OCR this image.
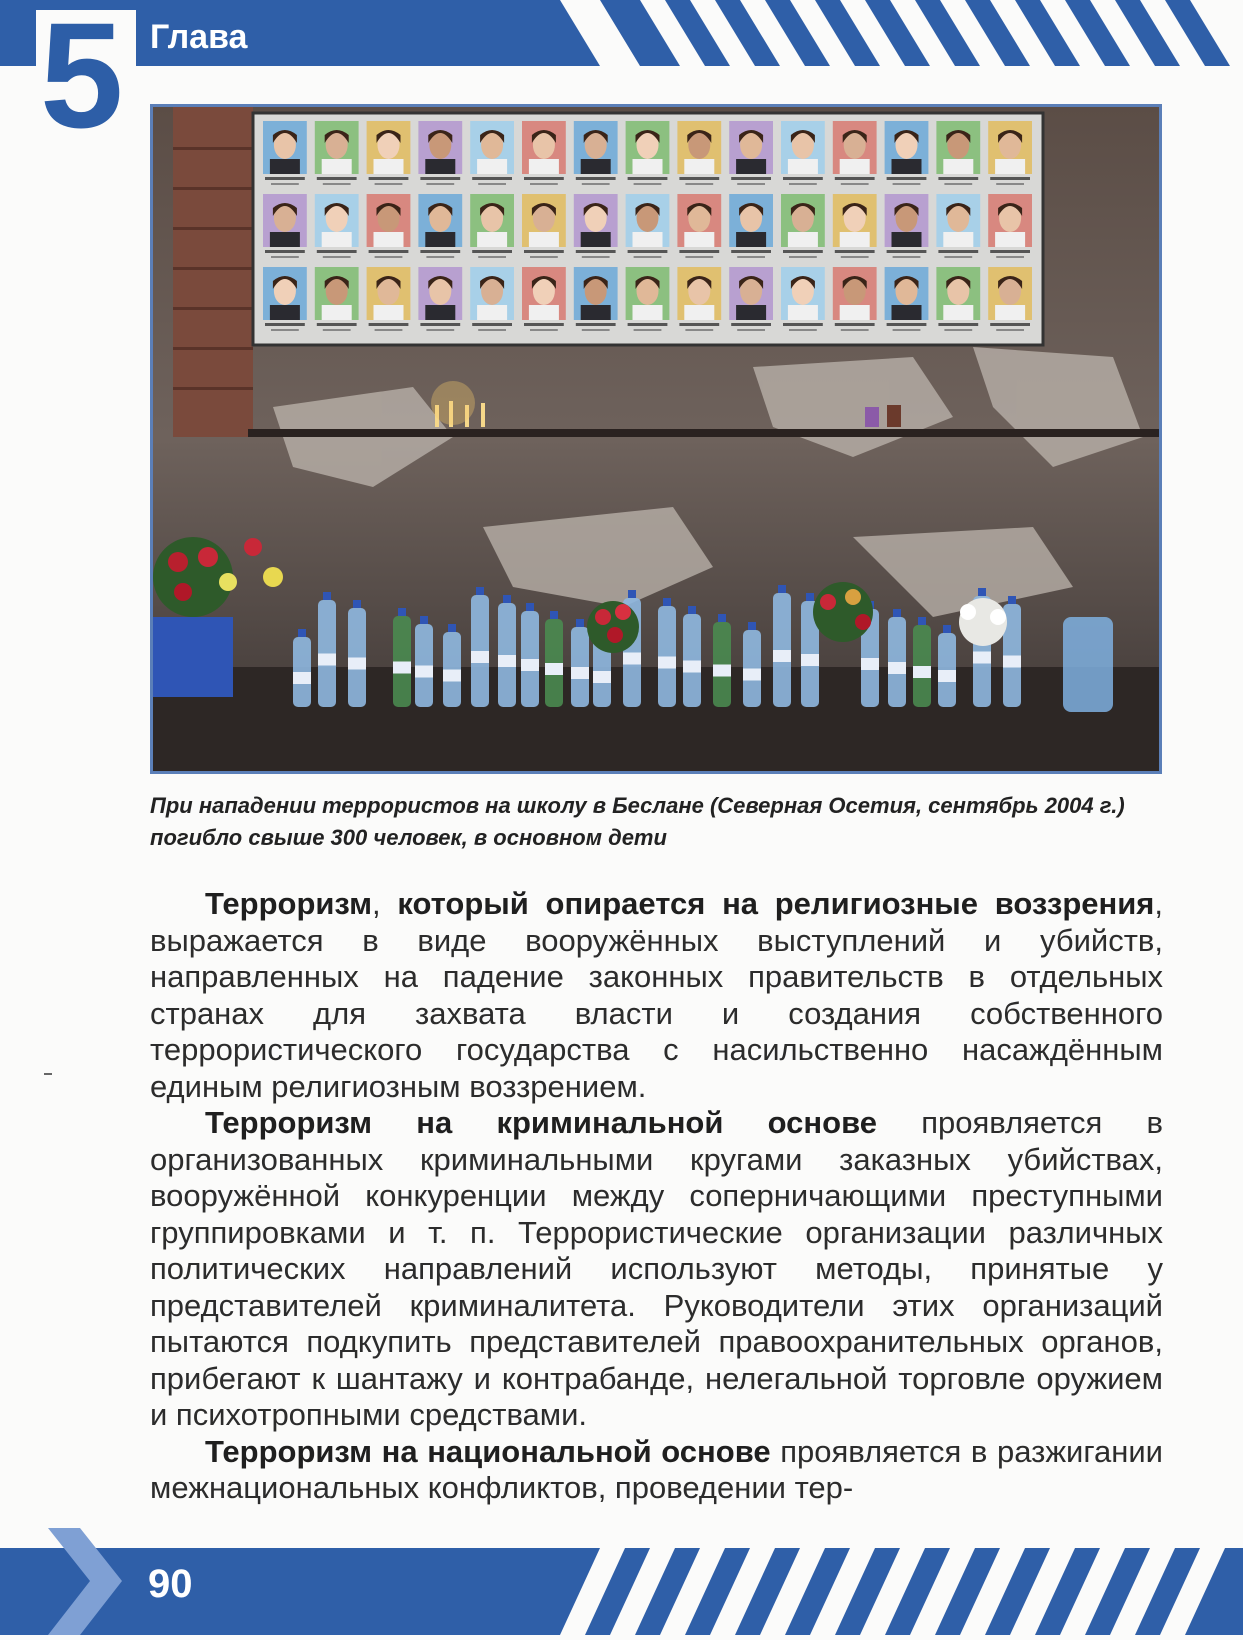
5 Глава
При нападении террористов на школу в Беслане (Северная Осетия, сентябрь 2004 г.) погибло свыше 300 человек, в основном дети

Терроризм, который опирается на религиозные воззрения, выражается в виде вооружённых выступлений и убийств, направленных на падение законных правительств в отдельных странах для захвата власти и создания собственного террористического государства с насильственно насаждённым единым религиозным воззрением.

Терроризм на криминальной основе проявляется в организованных криминальными кругами заказных убийствах, вооружённой конкуренции между соперничающими преступными группировками и т. п. Террористические организации различных политических направлений используют методы, принятые у представителей криминалитета. Руководители этих организаций пытаются подкупить представителей правоохранительных органов, прибегают к шантажу и контрабанде, нелегальной торговле оружием и психотропными средствами.

Терроризм на национальной основе проявляется в разжигании межнациональных конфликтов, проведении тер-

90
